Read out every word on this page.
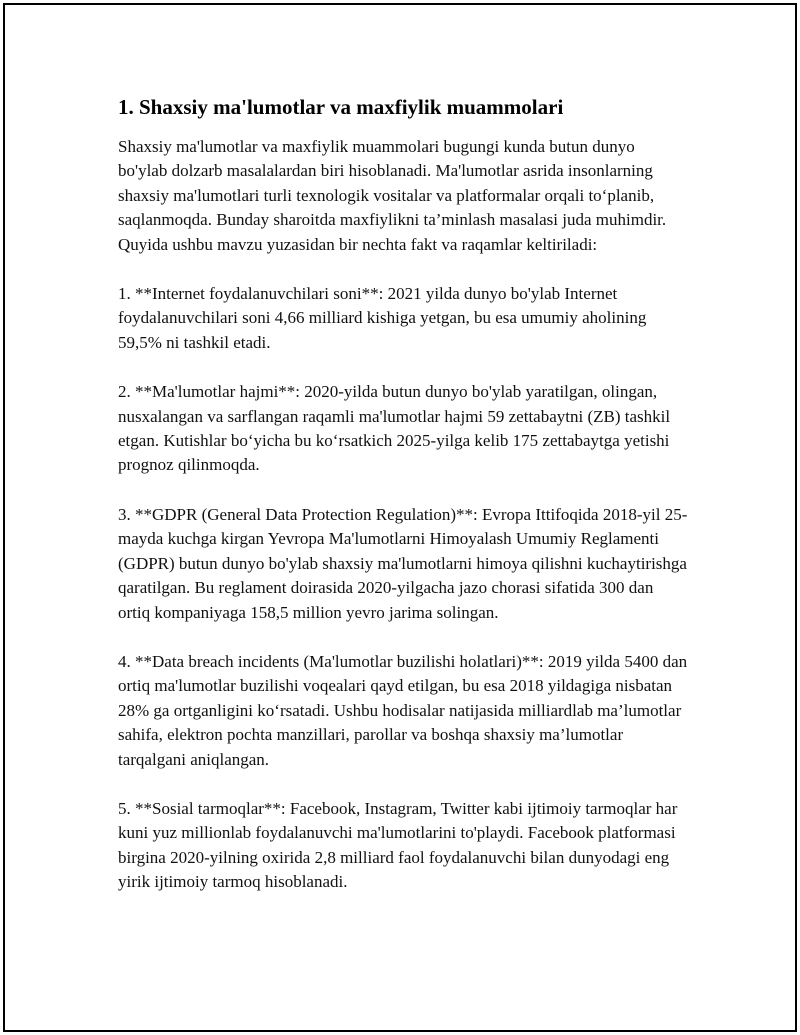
1. Shaxsiy ma'lumotlar va maxfiylik muammolari

Shaxsiy ma'lumotlar va maxfiylik muammolari bugungi kunda butun dunyo bo'ylab dolzarb masalalardan biri hisoblanadi. Ma'lumotlar asrida insonlarning shaxsiy ma'lumotlari turli texnologik vositalar va platformalar orqali to‘planib, saqlanmoqda. Bunday sharoitda maxfiylikni ta’minlash masalasi juda muhimdir. Quyida ushbu mavzu yuzasidan bir nechta fakt va raqamlar keltiriladi:

1. **Internet foydalanuvchilari soni**: 2021 yilda dunyo bo'ylab Internet foydalanuvchilari soni 4,66 milliard kishiga yetgan, bu esa umumiy aholining 59,5% ni tashkil etadi.

2. **Ma'lumotlar hajmi**: 2020-yilda butun dunyo bo'ylab yaratilgan, olingan, nusxalangan va sarflangan raqamli ma'lumotlar hajmi 59 zettabaytni (ZB) tashkil etgan. Kutishlar bo‘yicha bu ko‘rsatkich 2025-yilga kelib 175 zettabaytga yetishi prognoz qilinmoqda.

3. **GDPR (General Data Protection Regulation)**: Evropa Ittifoqida 2018-yil 25-mayda kuchga kirgan Yevropa Ma'lumotlarni Himoyalash Umumiy Reglamenti (GDPR) butun dunyo bo'ylab shaxsiy ma'lumotlarni himoya qilishni kuchaytirishga qaratilgan. Bu reglament doirasida 2020-yilgacha jazo chorasi sifatida 300 dan ortiq kompaniyaga 158,5 million yevro jarima solingan.

4. **Data breach incidents (Ma'lumotlar buzilishi holatlari)**: 2019 yilda 5400 dan ortiq ma'lumotlar buzilishi voqealari qayd etilgan, bu esa 2018 yildagiga nisbatan 28% ga ortganligini ko‘rsatadi. Ushbu hodisalar natijasida milliardlab ma’lumotlar sahifa, elektron pochta manzillari, parollar va boshqa shaxsiy ma’lumotlar tarqalgani aniqlangan.

5. **Sosial tarmoqlar**: Facebook, Instagram, Twitter kabi ijtimoiy tarmoqlar har kuni yuz millionlab foydalanuvchi ma'lumotlarini to'playdi. Facebook platformasi birgina 2020-yilning oxirida 2,8 milliard faol foydalanuvchi bilan dunyodagi eng yirik ijtimoiy tarmoq hisoblanadi.
